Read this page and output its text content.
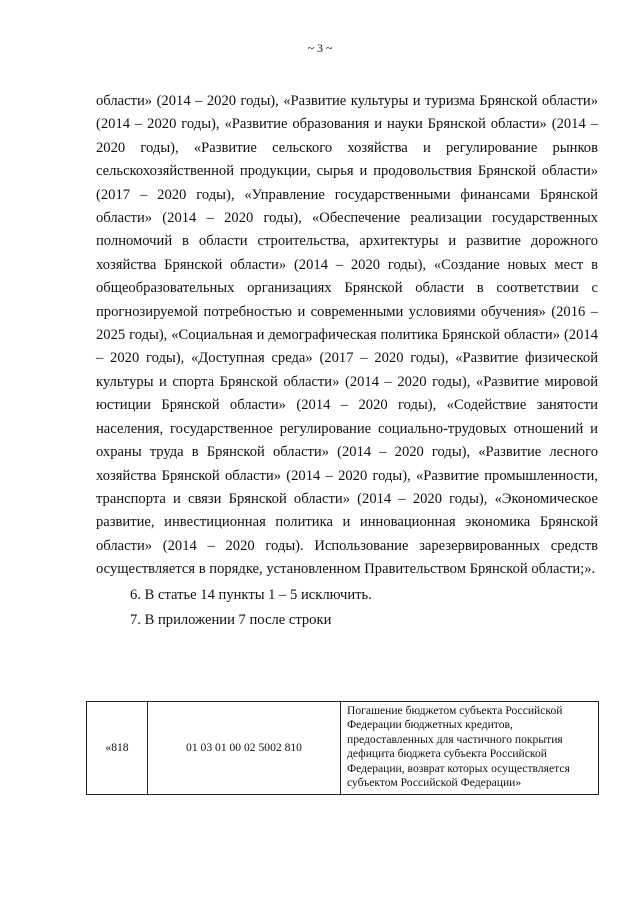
~ 3 ~

области» (2014 – 2020 годы), «Развитие культуры и туризма Брянской области» (2014 – 2020 годы), «Развитие образования и науки Брянской области» (2014 – 2020 годы), «Развитие сельского хозяйства и регулирование рынков сельскохозяйственной продукции, сырья и продовольствия Брянской области» (2017 – 2020 годы), «Управление государственными финансами Брянской области» (2014 – 2020 годы), «Обеспечение реализации государственных полномочий в области строительства, архитектуры и развитие дорожного хозяйства Брянской области» (2014 – 2020 годы), «Создание новых мест в общеобразовательных организациях Брянской области в соответствии с прогнозируемой потребностью и современными условиями обучения» (2016 – 2025 годы), «Социальная и демографическая политика Брянской области» (2014 – 2020 годы), «Доступная среда» (2017 – 2020 годы), «Развитие физической культуры и спорта Брянской области» (2014 – 2020 годы), «Развитие мировой юстиции Брянской области» (2014 – 2020 годы), «Содействие занятости населения, государственное регулирование социально-трудовых отношений и охраны труда в Брянской области» (2014 – 2020 годы), «Развитие лесного хозяйства Брянской области» (2014 – 2020 годы), «Развитие промышленности, транспорта и связи Брянской области» (2014 – 2020 годы), «Экономическое развитие, инвестиционная политика и инновационная экономика Брянской области» (2014 – 2020 годы). Использование зарезервированных средств осуществляется в порядке, установленном Правительством Брянской области;».

6. В статье 14 пункты 1 – 5 исключить.

7. В приложении 7 после строки

«818	01 03 01 00 02 5002 810	Погашение бюджетом субъекта Российской Федерации бюджетных кредитов, предоставленных для частичного покрытия дефицита бюджета субъекта Российской Федерации, возврат которых осуществляется субъектом Российской Федерации»
